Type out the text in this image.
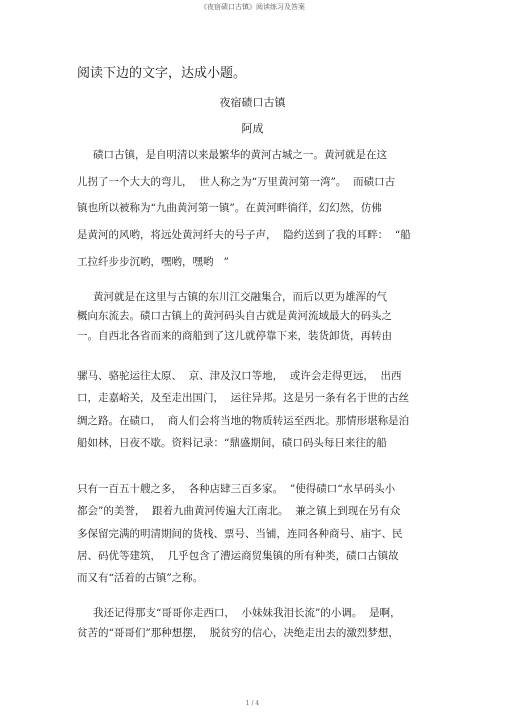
《夜宿碛口古镇》阅读练习及答案
阅读下边的文字，达成小题。
夜宿碛口古镇
阿成
碛口古镇，是自明清以来最繁华的黄河古城之一。黄河就是在这
儿拐了一个大大的弯儿，  世人称之为“万里黄河第一湾”。  而碛口古
镇也所以被称为“九曲黄河第一镇”。在黄河畔徜徉，幻幻然，仿佛
是黄河的风哟，将远处黄河纤夫的号子声，  隐约送到了我的耳畔：  “船
工拉纤步步沉哟，嘿哟，嘿哟   ”
黄河就是在这里与古镇的东川江交融集合，而后以更为雄浑的气
概向东流去。碛口古镇上的黄河码头自古就是黄河流域最大的码头之
一。自西北各省而来的商船到了这儿就停靠下来，装货卸货，再转由
骡马、骆驼运往太原、  京、津及汉口等地，  或许会走得更远，  出西
口，走嘉峪关，及至走出国门，  运往异邦。这是另一条有名于世的古丝
绸之路。在碛口，  商人们会将当地的物质转运至西北。那情形堪称是泊
船如林，日夜不歇。资料记录：“鼎盛期间，碛口码头每日来往的船
只有一百五十艘之多，  各种店肆三百多家。  ”使得碛口“水旱码头小
都会”的美誉，  跟着九曲黄河传遍大江南北。  兼之镇上到现在另有众
多保留完满的明清期间的货栈、票号、当铺，连同各种商号、庙宇、民
居、码优等建筑，  几乎包含了漕运商贸集镇的所有种类，碛口古镇故
而又有“活着的古镇”之称。
我还记得那支“哥哥你走西口，  小妹妹我泪长流”的小调。  是啊，
贫苦的“哥哥们”那种想摆，  脱贫穷的信心，决绝走出去的激烈梦想，
1 / 4
